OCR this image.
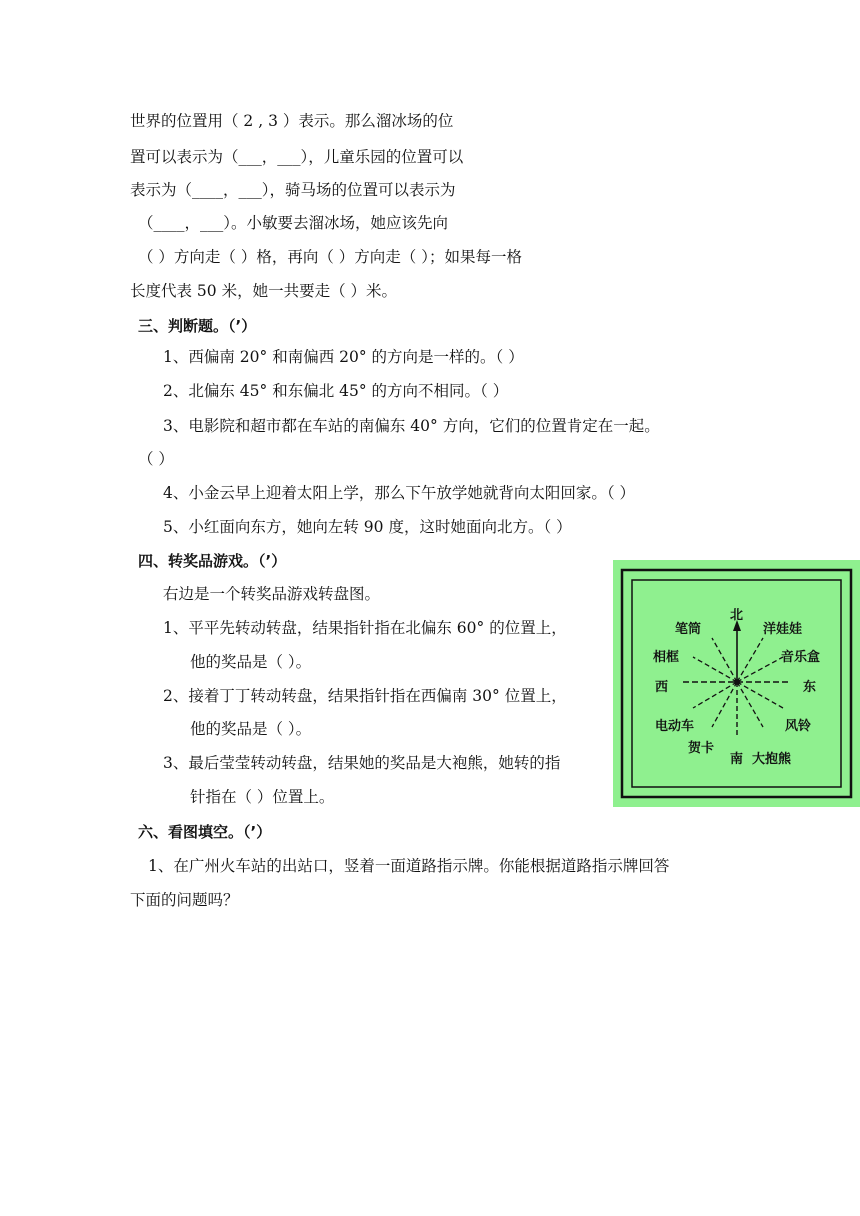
世界的位置用（ 2 , 3 ）表示。那么溜冰场的位
置可以表示为（___，___），儿童乐园的位置可以
表示为（____，___），骑马场的位置可以表示为
（____，___）。小敏要去溜冰场，她应该先向
（ ）方向走（ ）格，再向（ ）方向走（ ）；如果每一格
长度代表 50 米，她一共要走（ ）米。
三、判断题。（’）
1、西偏南 20° 和南偏西 20° 的方向是一样的。（ ）
2、北偏东 45° 和东偏北 45° 的方向不相同。（ ）
3、电影院和超市都在车站的南偏东 40° 方向，它们的位置肯定在一起。
（ ）
4、小金云早上迎着太阳上学，那么下午放学她就背向太阳回家。（ ）
5、小红面向东方，她向左转 90 度，这时她面向北方。（ ）
四、转奖品游戏。（’）
右边是一个转奖品游戏转盘图。
1、平平先转动转盘，结果指针指在北偏东 60° 的位置上，
他的奖品是（ ）。
2、接着丁丁转动转盘，结果指针指在西偏南 30° 位置上，
他的奖品是（ ）。
3、最后莹莹转动转盘，结果她的奖品是大袍熊，她转的指
针指在（ ）位置上。
北
南
西	东
笔筒	洋娃娃
相框	音乐盒
电动车	风铃
贺卡
大抱熊
六、看图填空。（’）
1、在广州火车站的出站口，竖着一面道路指示牌。你能根据道路指示牌回答
下面的问题吗？
